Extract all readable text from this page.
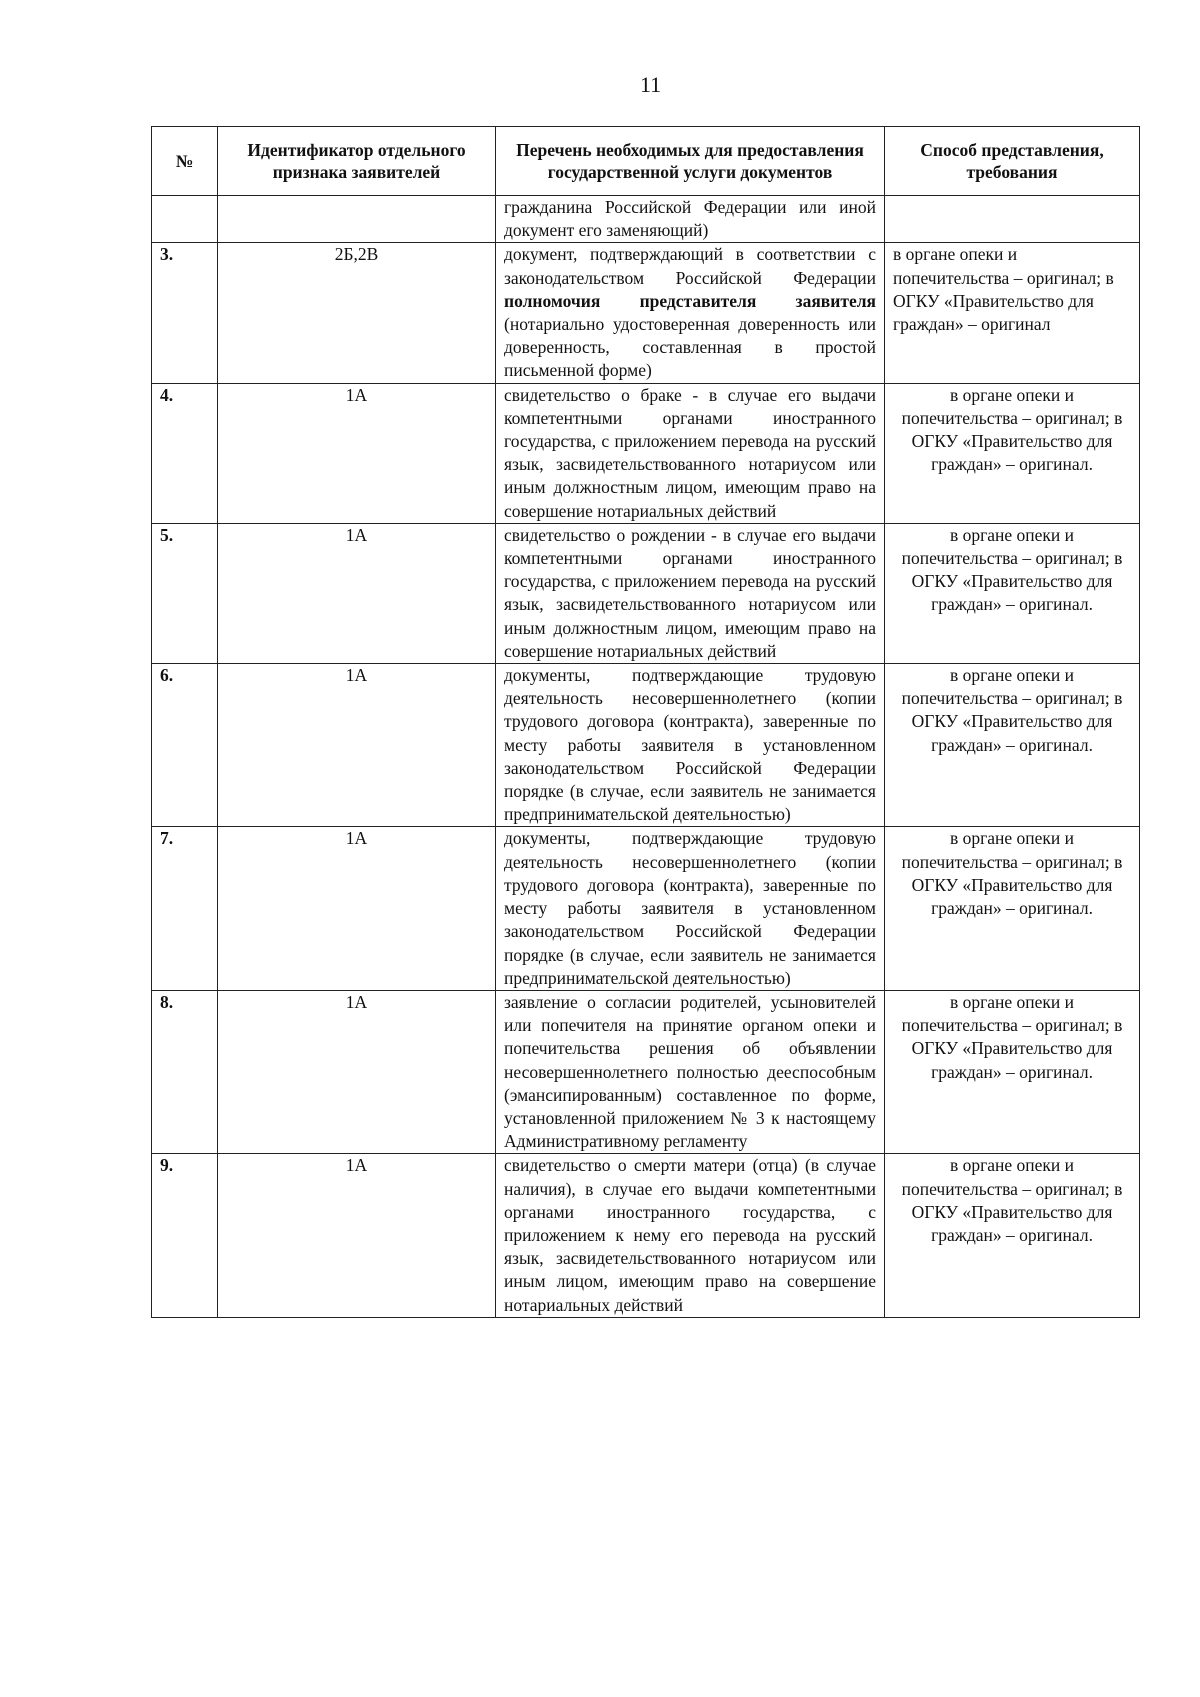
11
№	Идентификатор отдельного признака заявителей	Перечень необходимых для предоставления государственной услуги документов	Способ представления, требования
		гражданина Российской Федерации или иной документ его заменяющий)	
3.	2Б,2В	документ, подтверждающий в соответствии с законодательством Российской Федерации полномочия представителя заявителя (нотариально удостоверенная доверенность или доверенность, составленная в простой письменной форме)	в органе опеки и попечительства – оригинал; в ОГКУ «Правительство для граждан» – оригинал
4.	1А	свидетельство о браке - в случае его выдачи компетентными органами иностранного государства, с приложением перевода на русский язык, засвидетельствованного нотариусом или иным должностным лицом, имеющим право на совершение нотариальных действий	в органе опеки и попечительства – оригинал; в ОГКУ «Правительство для граждан» – оригинал.
5.	1А	свидетельство о рождении - в случае его выдачи компетентными органами иностранного государства, с приложением перевода на русский язык, засвидетельствованного нотариусом или иным должностным лицом, имеющим право на совершение нотариальных действий	в органе опеки и попечительства – оригинал; в ОГКУ «Правительство для граждан» – оригинал.
6.	1А	документы, подтверждающие трудовую деятельность несовершеннолетнего (копии трудового договора (контракта), заверенные по месту работы заявителя в установленном законодательством Российской Федерации порядке (в случае, если заявитель не занимается предпринимательской деятельностью)	в органе опеки и попечительства – оригинал; в ОГКУ «Правительство для граждан» – оригинал.
7.	1А	документы, подтверждающие трудовую деятельность несовершеннолетнего (копии трудового договора (контракта), заверенные по месту работы заявителя в установленном законодательством Российской Федерации порядке (в случае, если заявитель не занимается предпринимательской деятельностью)	в органе опеки и попечительства – оригинал; в ОГКУ «Правительство для граждан» – оригинал.
8.	1А	заявление о согласии родителей, усыновителей или попечителя на принятие органом опеки и попечительства решения об объявлении несовершеннолетнего полностью дееспособным (эмансипированным) составленное по форме, установленной приложением № 3 к настоящему Административному регламенту	в органе опеки и попечительства – оригинал; в ОГКУ «Правительство для граждан» – оригинал.
9.	1А	свидетельство о смерти матери (отца) (в случае наличия), в случае его выдачи компетентными органами иностранного государства, с приложением к нему его перевода на русский язык, засвидетельствованного нотариусом или иным лицом, имеющим право на совершение нотариальных действий	в органе опеки и попечительства – оригинал; в ОГКУ «Правительство для граждан» – оригинал.
